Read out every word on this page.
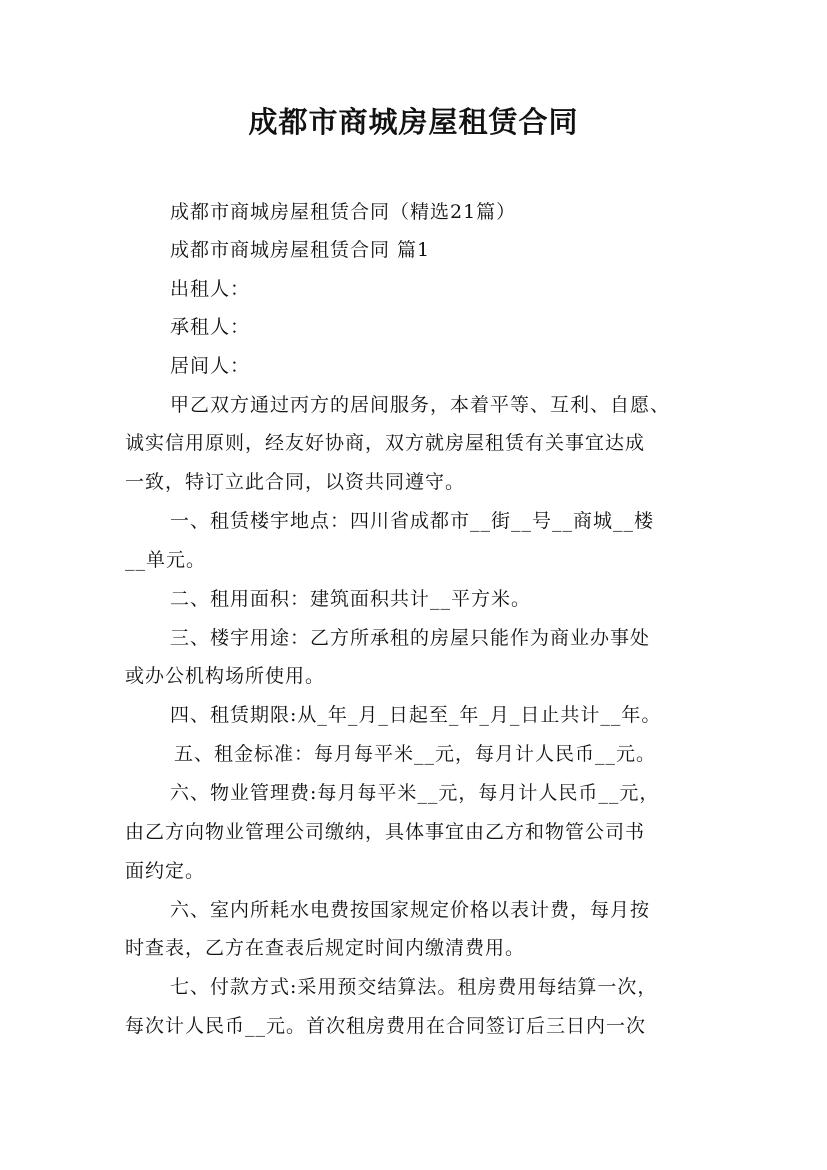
成都市商城房屋租赁合同
成都市商城房屋租赁合同（精选21篇）
成都市商城房屋租赁合同 篇1
出租人：
承租人：
居间人：
甲乙双方通过丙方的居间服务，本着平等、互利、自愿、
诚实信用原则，经友好协商，双方就房屋租赁有关事宜达成
一致，特订立此合同，以资共同遵守。
一、租赁楼宇地点：四川省成都市__街__号__商城__楼
__单元。
二、租用面积：建筑面积共计__平方米。
三、楼宇用途：乙方所承租的房屋只能作为商业办事处
或办公机构场所使用。
四、租赁期限:从_年_月_日起至_年_月_日止共计__年。
五、租金标准：每月每平米__元，每月计人民币__元。
六、物业管理费:每月每平米__元，每月计人民币__元，
由乙方向物业管理公司缴纳，具体事宜由乙方和物管公司书
面约定。
六、室内所耗水电费按国家规定价格以表计费，每月按
时查表，乙方在查表后规定时间内缴清费用。
七、付款方式:采用预交结算法。租房费用每结算一次，
每次计人民币__元。首次租房费用在合同签订后三日内一次
